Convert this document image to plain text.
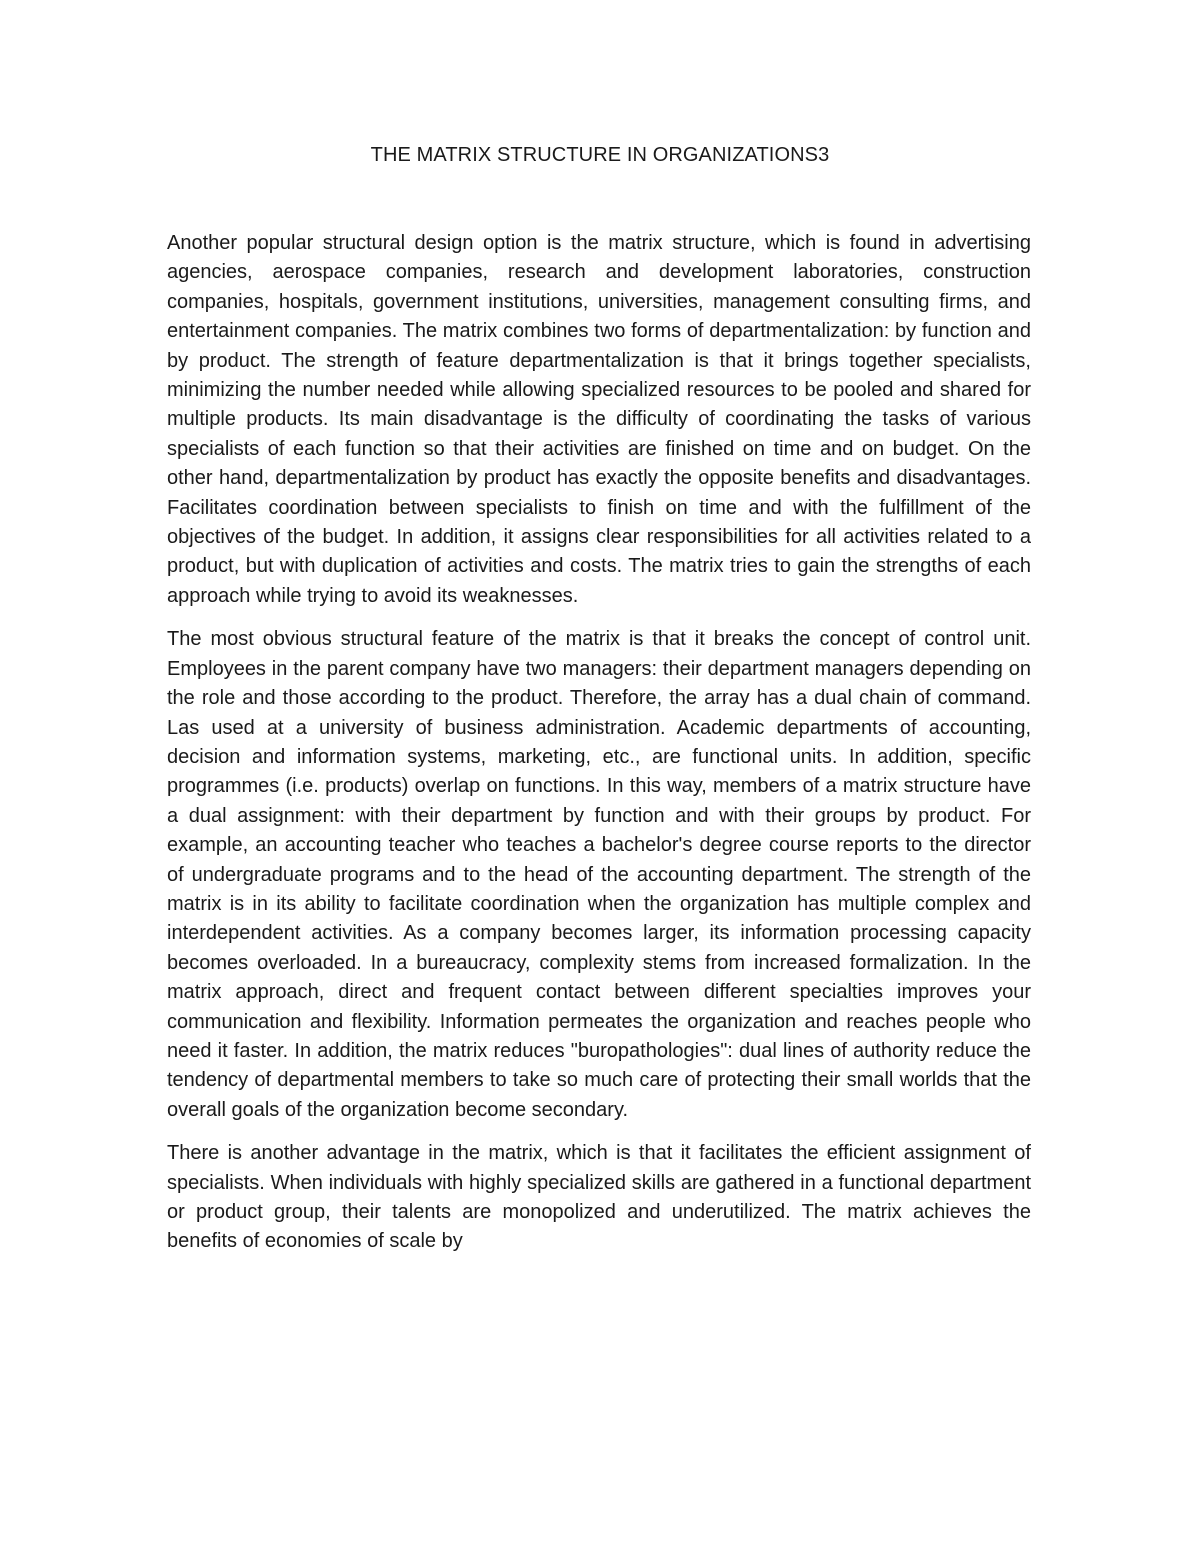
THE MATRIX STRUCTURE IN ORGANIZATIONS3

Another popular structural design option is the matrix structure, which is found in advertising agencies, aerospace companies, research and development laboratories, construction companies, hospitals, government institutions, universities, management consulting firms, and entertainment companies. The matrix combines two forms of departmentalization: by function and by product. The strength of feature departmentalization is that it brings together specialists, minimizing the number needed while allowing specialized resources to be pooled and shared for multiple products. Its main disadvantage is the difficulty of coordinating the tasks of various specialists of each function so that their activities are finished on time and on budget. On the other hand, departmentalization by product has exactly the opposite benefits and disadvantages. Facilitates coordination between specialists to finish on time and with the fulfillment of the objectives of the budget. In addition, it assigns clear responsibilities for all activities related to a product, but with duplication of activities and costs. The matrix tries to gain the strengths of each approach while trying to avoid its weaknesses.

The most obvious structural feature of the matrix is that it breaks the concept of control unit. Employees in the parent company have two managers: their department managers depending on the role and those according to the product. Therefore, the array has a dual chain of command. Las used at a university of business administration. Academic departments of accounting, decision and information systems, marketing, etc., are functional units. In addition, specific programmes (i.e. products) overlap on functions. In this way, members of a matrix structure have a dual assignment: with their department by function and with their groups by product. For example, an accounting teacher who teaches a bachelor's degree course reports to the director of undergraduate programs and to the head of the accounting department. The strength of the matrix is in its ability to facilitate coordination when the organization has multiple complex and interdependent activities. As a company becomes larger, its information processing capacity becomes overloaded. In a bureaucracy, complexity stems from increased formalization. In the matrix approach, direct and frequent contact between different specialties improves your communication and flexibility. Information permeates the organization and reaches people who need it faster. In addition, the matrix reduces "buropathologies": dual lines of authority reduce the tendency of departmental members to take so much care of protecting their small worlds that the overall goals of the organization become secondary.

There is another advantage in the matrix, which is that it facilitates the efficient assignment of specialists. When individuals with highly specialized skills are gathered in a functional department or product group, their talents are monopolized and underutilized. The matrix achieves the benefits of economies of scale by
